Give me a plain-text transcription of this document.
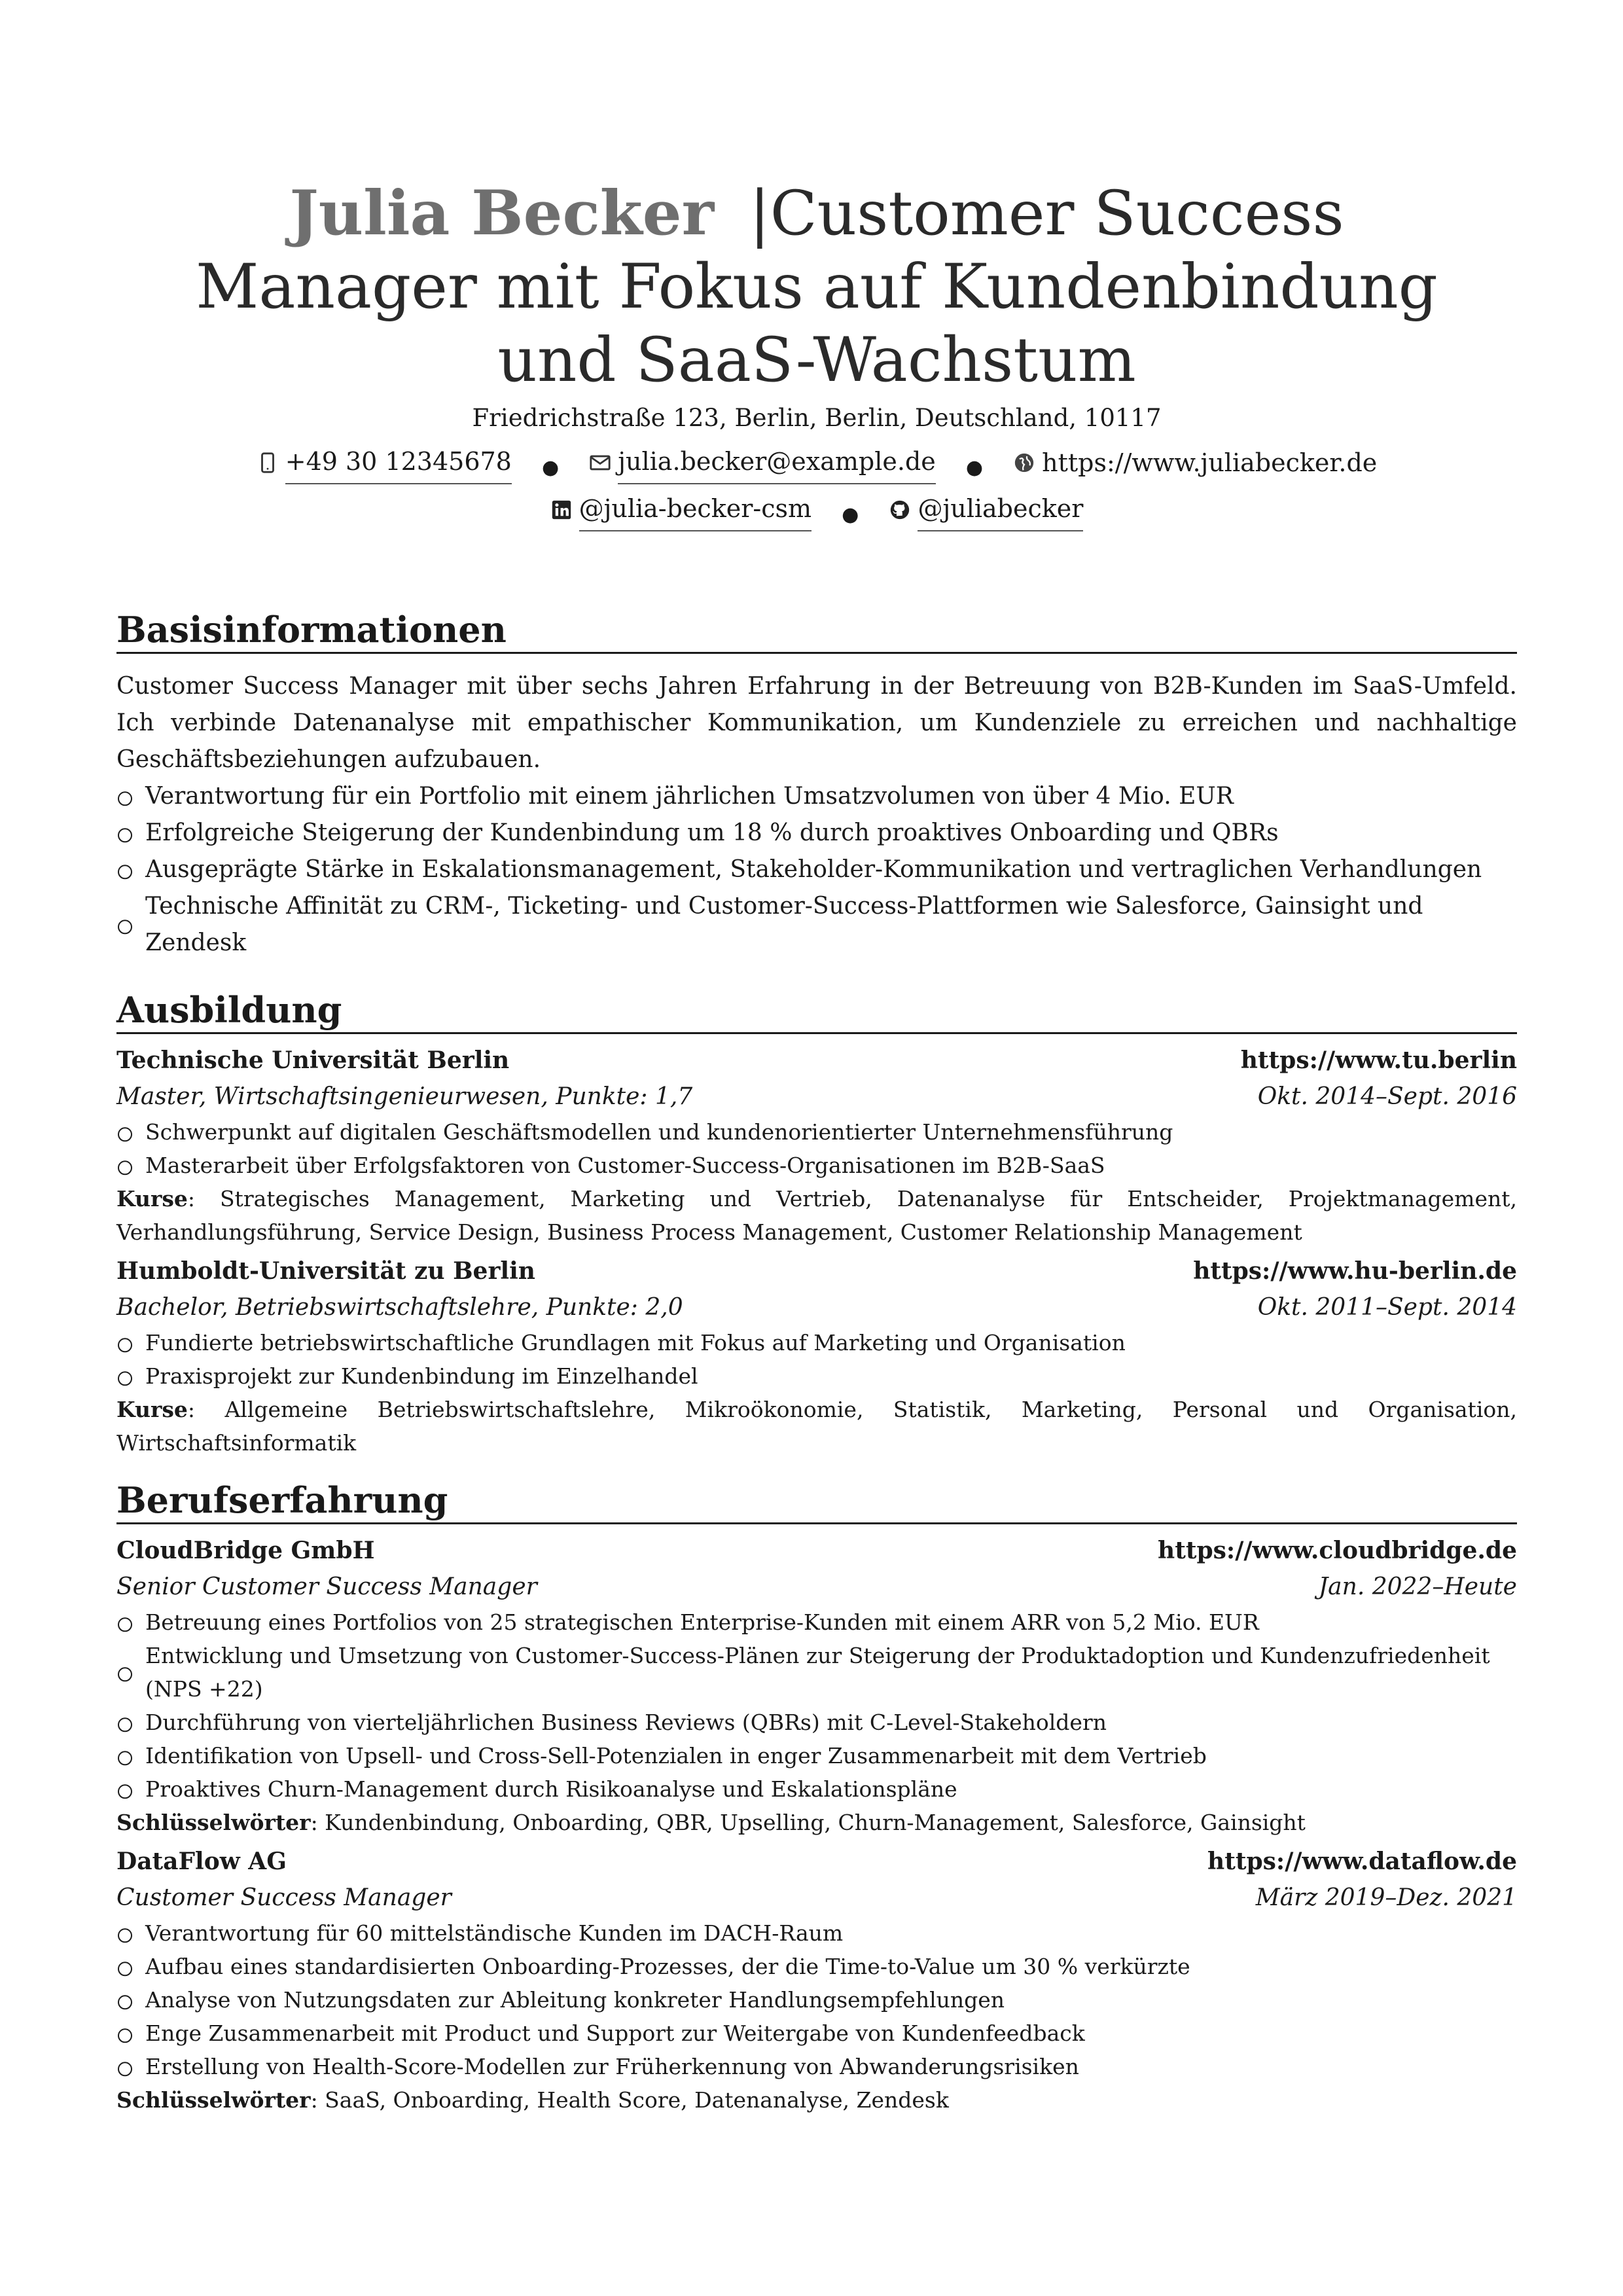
Julia Becker |Customer Success Manager mit Fokus auf Kundenbindung und SaaS-Wachstum
Friedrichstraße 123, Berlin, Berlin, Deutschland, 10117
+49 30 12345678 ● julia.becker@example.de ● https://www.juliabecker.de
@julia-becker-csm ● @juliabecker
Basisinformationen
Customer Success Manager mit über sechs Jahren Erfahrung in der Betreuung von B2B-Kunden im SaaS-Umfeld. Ich verbinde Datenanalyse mit empathischer Kommunikation, um Kundenziele zu erreichen und nachhaltige Geschäftsbeziehungen aufzubauen.
Verantwortung für ein Portfolio mit einem jährlichen Umsatzvolumen von über 4 Mio. EUR
Erfolgreiche Steigerung der Kundenbindung um 18 % durch proaktives Onboarding und QBRs
Ausgeprägte Stärke in Eskalationsmanagement, Stakeholder-Kommunikation und vertraglichen Verhandlungen
Technische Affinität zu CRM-, Ticketing- und Customer-Success-Plattformen wie Salesforce, Gainsight und Zendesk
Ausbildung
Technische Universität Berlin	https://www.tu.berlin
Master, Wirtschaftsingenieurwesen, Punkte: 1,7	Okt. 2014–Sept. 2016
Schwerpunkt auf digitalen Geschäftsmodellen und kundenorientierter Unternehmensführung
Masterarbeit über Erfolgsfaktoren von Customer-Success-Organisationen im B2B-SaaS
Kurse: Strategisches Management, Marketing und Vertrieb, Datenanalyse für Entscheider, Projektmanagement, Verhandlungsführung, Service Design, Business Process Management, Customer Relationship Management
Humboldt-Universität zu Berlin	https://www.hu-berlin.de
Bachelor, Betriebswirtschaftslehre, Punkte: 2,0	Okt. 2011–Sept. 2014
Fundierte betriebswirtschaftliche Grundlagen mit Fokus auf Marketing und Organisation
Praxisprojekt zur Kundenbindung im Einzelhandel
Kurse: Allgemeine Betriebswirtschaftslehre, Mikroökonomie, Statistik, Marketing, Personal und Organisation, Wirtschaftsinformatik
Berufserfahrung
CloudBridge GmbH	https://www.cloudbridge.de
Senior Customer Success Manager	Jan. 2022–Heute
Betreuung eines Portfolios von 25 strategischen Enterprise-Kunden mit einem ARR von 5,2 Mio. EUR
Entwicklung und Umsetzung von Customer-Success-Plänen zur Steigerung der Produktadoption und Kundenzufriedenheit (NPS +22)
Durchführung von vierteljährlichen Business Reviews (QBRs) mit C-Level-Stakeholdern
Identifikation von Upsell- und Cross-Sell-Potenzialen in enger Zusammenarbeit mit dem Vertrieb
Proaktives Churn-Management durch Risikoanalyse und Eskalationspläne
Schlüsselwörter: Kundenbindung, Onboarding, QBR, Upselling, Churn-Management, Salesforce, Gainsight
DataFlow AG	https://www.dataflow.de
Customer Success Manager	März 2019–Dez. 2021
Verantwortung für 60 mittelständische Kunden im DACH-Raum
Aufbau eines standardisierten Onboarding-Prozesses, der die Time-to-Value um 30 % verkürzte
Analyse von Nutzungsdaten zur Ableitung konkreter Handlungsempfehlungen
Enge Zusammenarbeit mit Product und Support zur Weitergabe von Kundenfeedback
Erstellung von Health-Score-Modellen zur Früherkennung von Abwanderungsrisiken
Schlüsselwörter: SaaS, Onboarding, Health Score, Datenanalyse, Zendesk
